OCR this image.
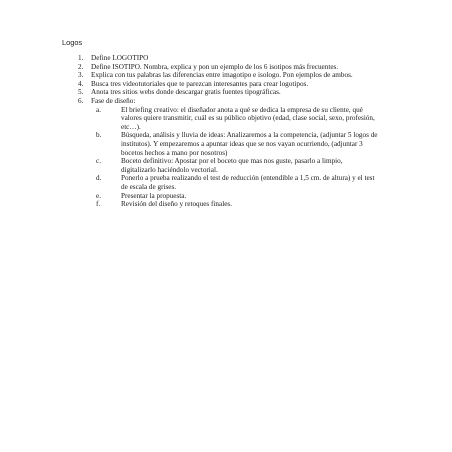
Logos
1. Define LOGOTIPO
2. Define ISOTIPO. Nombra, explica y pon un ejemplo de los 6 isotipos más frecuentes.
3. Explica con tus palabras las diferencias entre imagotipo e isologo. Pon ejemplos de ambos.
4. Busca tres videotutoriales que te parezcan interesantes para crear logotipos.
5. Anota tres sitios webs donde descargar gratis fuentes tipográficas.
6. Fase de diseño:
a.	El briefing creativo: el diseñador anota a qué se dedica la empresa de su cliente, qué valores quiere transmitir, cuál es su público objetivo (edad, clase social, sexo, profesión, etc…).
b.	Búsqueda, análisis y lluvia de ideas: Analizaremos a la competencia, (adjuntar 5 logos de institutos). Y empezaremos a apuntar ideas que se nos vayan ocurriendo, (adjuntar 3 bocetos hechos a mano por nosotros)
c.	Boceto definitivo: Apostar por el boceto que mas nos guste, pasarlo a limpio, digitalizarlo haciéndolo vectorial.
d.	Ponerlo a prueba realizando el test de reducción (entendible a 1,5 cm. de altura) y el test de escala de grises.
e.	Presentar la propuesta.
f.	Revisión del diseño y retoques finales.
